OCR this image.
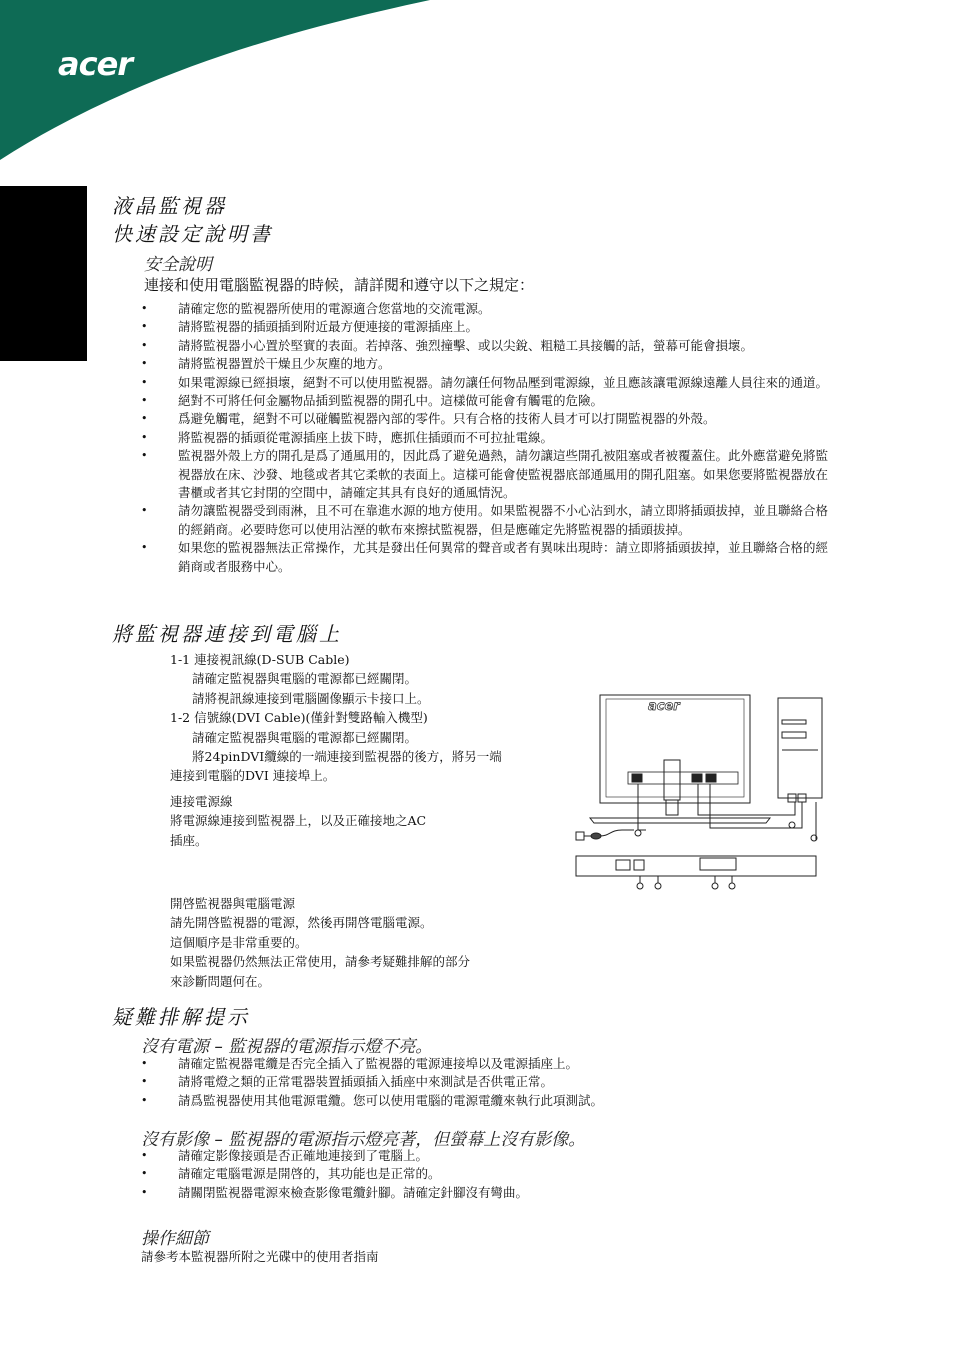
acer
液晶監視器
快速設定說明書
安全說明
連接和使用電腦監視器的時候，請詳閱和遵守以下之規定：
• 請確定您的監視器所使用的電源適合您當地的交流電源。
• 請將監視器的插頭插到附近最方便連接的電源插座上。
• 請將監視器小心置於堅實的表面。若掉落、強烈撞擊、或以尖銳、粗糙工具接觸的話，螢幕可能會損壞。
• 請將監視器置於干燥且少灰塵的地方。
• 如果電源線已經損壞，絕對不可以使用監視器。請勿讓任何物品壓到電源線，並且應該讓電源線遠離人員往來的通道。
• 絕對不可將任何金屬物品插到監視器的開孔中。這樣做可能會有觸電的危險。
• 爲避免觸電，絕對不可以碰觸監視器內部的零件。只有合格的技術人員才可以打開監視器的外殼。
• 將監視器的插頭從電源插座上拔下時，應抓住插頭而不可拉扯電線。
• 監視器外殼上方的開孔是爲了通風用的，因此爲了避免過熱，請勿讓這些開孔被阻塞或者被覆蓋住。此外應當避免將監視器放在床、沙發、地毯或者其它柔軟的表面上。這樣可能會使監視器底部通風用的開孔阻塞。如果您要將監視器放在書櫃或者其它封閉的空間中，請確定其具有良好的通風情況。
• 請勿讓監視器受到雨淋，且不可在靠進水源的地方使用。如果監視器不小心沾到水，請立即將插頭拔掉，並且聯絡合格的經銷商。必要時您可以使用沾溼的軟布來擦拭監視器，但是應確定先將監視器的插頭拔掉。
• 如果您的監視器無法正常操作，尤其是發出任何異常的聲音或者有異味出現時：請立即將插頭拔掉，並且聯絡合格的經銷商或者服務中心。
將監視器連接到電腦上
1-1 連接視訊線(D-SUB Cable)
請確定監視器與電腦的電源都已經關閉。
請將視訊線連接到電腦圖像顯示卡接口上。
1-2 信號線(DVI Cable)(僅針對雙路輸入機型)
請確定監視器與電腦的電源都已經關閉。
將24pinDVI纜線的一端連接到監視器的後方，將另一端
連接到電腦的DVI 連接埠上。
連接電源線
將電源線連接到監視器上，以及正確接地之AC
插座。
開啓監視器與電腦電源
請先開啓監視器的電源，然後再開啓電腦電源。
這個順序是非常重要的。
如果監視器仍然無法正常使用，請參考疑難排解的部分
來診斷問題何在。
acer
疑難排解提示
沒有電源 – 監視器的電源指示燈不亮。
• 請確定監視器電纜是否完全插入了監視器的電源連接埠以及電源插座上。
• 請將電燈之類的正常電器裝置插頭插入插座中來測試是否供電正常。
• 請爲監視器使用其他電源電纜。您可以使用電腦的電源電纜來執行此項測試。
沒有影像 – 監視器的電源指示燈亮著，但螢幕上沒有影像。
• 請確定影像接頭是否正確地連接到了電腦上。
• 請確定電腦電源是開啓的，其功能也是正常的。
• 請關閉監視器電源來檢查影像電纜針腳。請確定針腳沒有彎曲。
操作細節
請參考本監視器所附之光碟中的使用者指南
